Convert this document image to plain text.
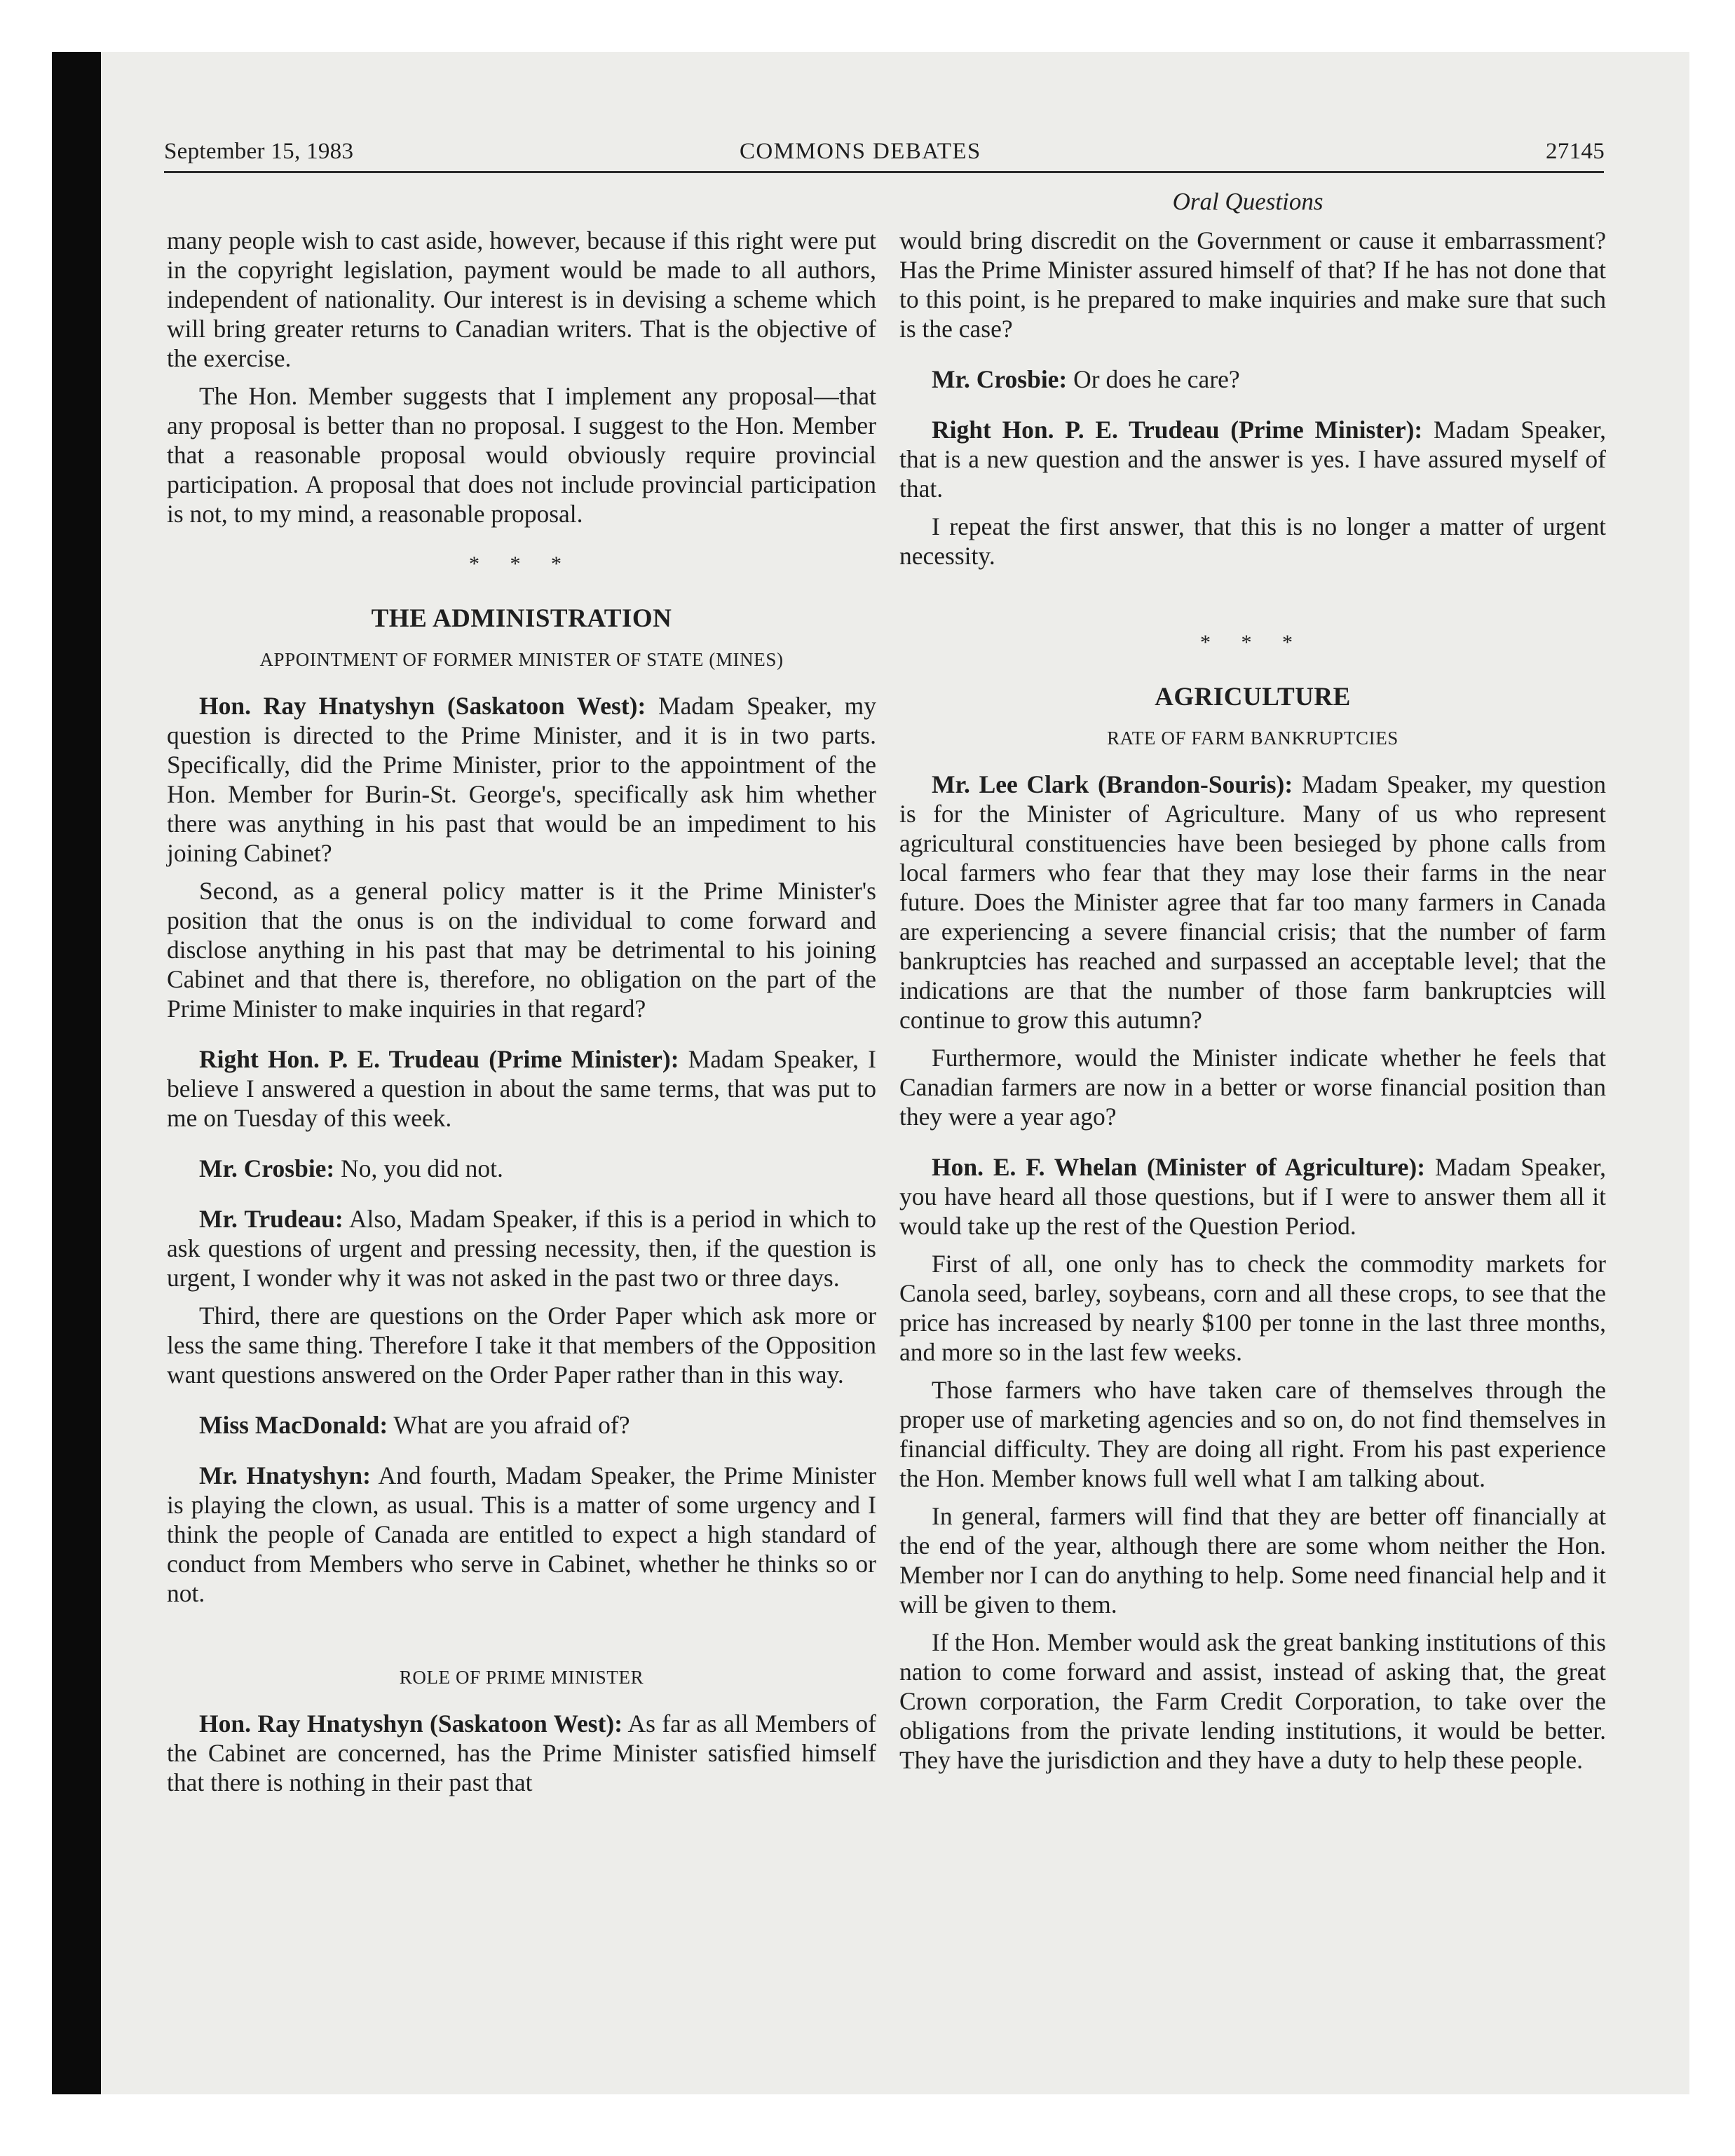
September 15, 1983	COMMONS DEBATES	27145
Oral Questions

many people wish to cast aside, however, because if this right were put in the copyright legislation, payment would be made to all authors, independent of nationality. Our interest is in devising a scheme which will bring greater returns to Canadian writers. That is the objective of the exercise.

The Hon. Member suggests that I implement any proposal—that any proposal is better than no proposal. I suggest to the Hon. Member that a reasonable proposal would obviously require provincial participation. A proposal that does not include provincial participation is not, to my mind, a reasonable proposal.

* * *
THE ADMINISTRATION
APPOINTMENT OF FORMER MINISTER OF STATE (MINES)

Hon. Ray Hnatyshyn (Saskatoon West): Madam Speaker, my question is directed to the Prime Minister, and it is in two parts. Specifically, did the Prime Minister, prior to the appointment of the Hon. Member for Burin-St. George's, specifically ask him whether there was anything in his past that would be an impediment to his joining Cabinet?

Second, as a general policy matter is it the Prime Minister's position that the onus is on the individual to come forward and disclose anything in his past that may be detrimental to his joining Cabinet and that there is, therefore, no obligation on the part of the Prime Minister to make inquiries in that regard?

Right Hon. P. E. Trudeau (Prime Minister): Madam Speaker, I believe I answered a question in about the same terms, that was put to me on Tuesday of this week.

Mr. Crosbie: No, you did not.

Mr. Trudeau: Also, Madam Speaker, if this is a period in which to ask questions of urgent and pressing necessity, then, if the question is urgent, I wonder why it was not asked in the past two or three days.

Third, there are questions on the Order Paper which ask more or less the same thing. Therefore I take it that members of the Opposition want questions answered on the Order Paper rather than in this way.

Miss MacDonald: What are you afraid of?

Mr. Hnatyshyn: And fourth, Madam Speaker, the Prime Minister is playing the clown, as usual. This is a matter of some urgency and I think the people of Canada are entitled to expect a high standard of conduct from Members who serve in Cabinet, whether he thinks so or not.

ROLE OF PRIME MINISTER

Hon. Ray Hnatyshyn (Saskatoon West): As far as all Members of the Cabinet are concerned, has the Prime Minister satisfied himself that there is nothing in their past that

would bring discredit on the Government or cause it embarrassment? Has the Prime Minister assured himself of that? If he has not done that to this point, is he prepared to make inquiries and make sure that such is the case?

Mr. Crosbie: Or does he care?

Right Hon. P. E. Trudeau (Prime Minister): Madam Speaker, that is a new question and the answer is yes. I have assured myself of that.

I repeat the first answer, that this is no longer a matter of urgent necessity.

* * *
AGRICULTURE
RATE OF FARM BANKRUPTCIES

Mr. Lee Clark (Brandon-Souris): Madam Speaker, my question is for the Minister of Agriculture. Many of us who represent agricultural constituencies have been besieged by phone calls from local farmers who fear that they may lose their farms in the near future. Does the Minister agree that far too many farmers in Canada are experiencing a severe financial crisis; that the number of farm bankruptcies has reached and surpassed an acceptable level; that the indications are that the number of those farm bankruptcies will continue to grow this autumn?

Furthermore, would the Minister indicate whether he feels that Canadian farmers are now in a better or worse financial position than they were a year ago?

Hon. E. F. Whelan (Minister of Agriculture): Madam Speaker, you have heard all those questions, but if I were to answer them all it would take up the rest of the Question Period.

First of all, one only has to check the commodity markets for Canola seed, barley, soybeans, corn and all these crops, to see that the price has increased by nearly $100 per tonne in the last three months, and more so in the last few weeks.

Those farmers who have taken care of themselves through the proper use of marketing agencies and so on, do not find themselves in financial difficulty. They are doing all right. From his past experience the Hon. Member knows full well what I am talking about.

In general, farmers will find that they are better off financially at the end of the year, although there are some whom neither the Hon. Member nor I can do anything to help. Some need financial help and it will be given to them.

If the Hon. Member would ask the great banking institutions of this nation to come forward and assist, instead of asking that, the great Crown corporation, the Farm Credit Corporation, to take over the obligations from the private lending institutions, it would be better. They have the jurisdiction and they have a duty to help these people.
